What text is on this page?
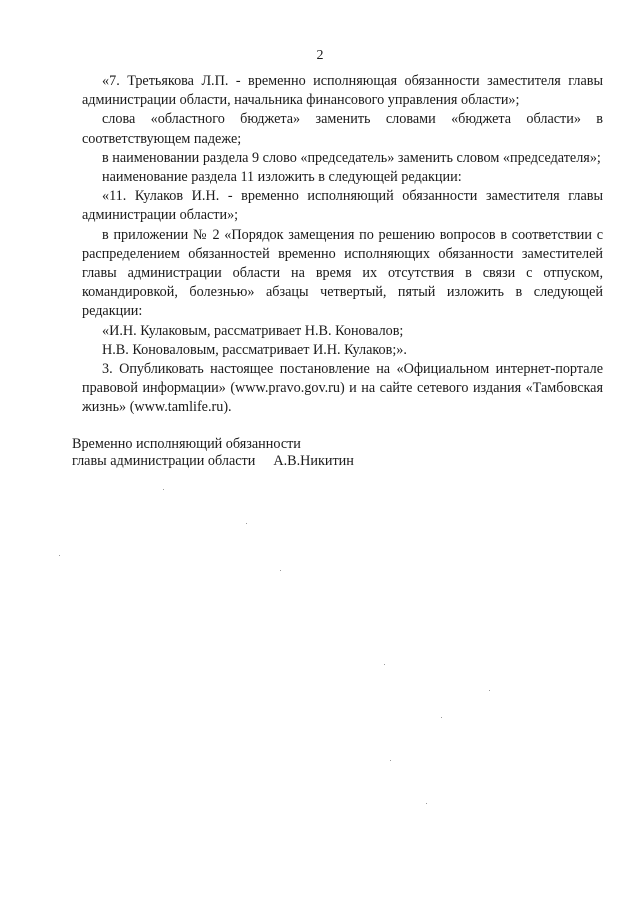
2

«7. Третьякова Л.П. - временно исполняющая обязанности заместителя главы администрации области, начальника финансового управления области»;

слова «областного бюджета» заменить словами «бюджета области» в соответствующем падеже;

в наименовании раздела 9 слово «председатель» заменить словом «председателя»;

наименование раздела 11 изложить в следующей редакции:

«11. Кулаков И.Н. - временно исполняющий обязанности заместителя главы администрации области»;

в приложении № 2 «Порядок замещения по решению вопросов в соответствии с распределением обязанностей временно исполняющих обязанности заместителей главы администрации области на время их отсутствия в связи с отпуском, командировкой, болезнью» абзацы четвертый, пятый изложить в следующей редакции:

«И.Н. Кулаковым, рассматривает Н.В. Коновалов;

Н.В. Коноваловым, рассматривает И.Н. Кулаков;».

3. Опубликовать настоящее постановление на «Официальном интернет-портале правовой информации» (www.pravo.gov.ru) и на сайте сетевого издания «Тамбовская жизнь» (www.tamlife.ru).

Временно исполняющий обязанности
главы администрации области А.В.Никитин
